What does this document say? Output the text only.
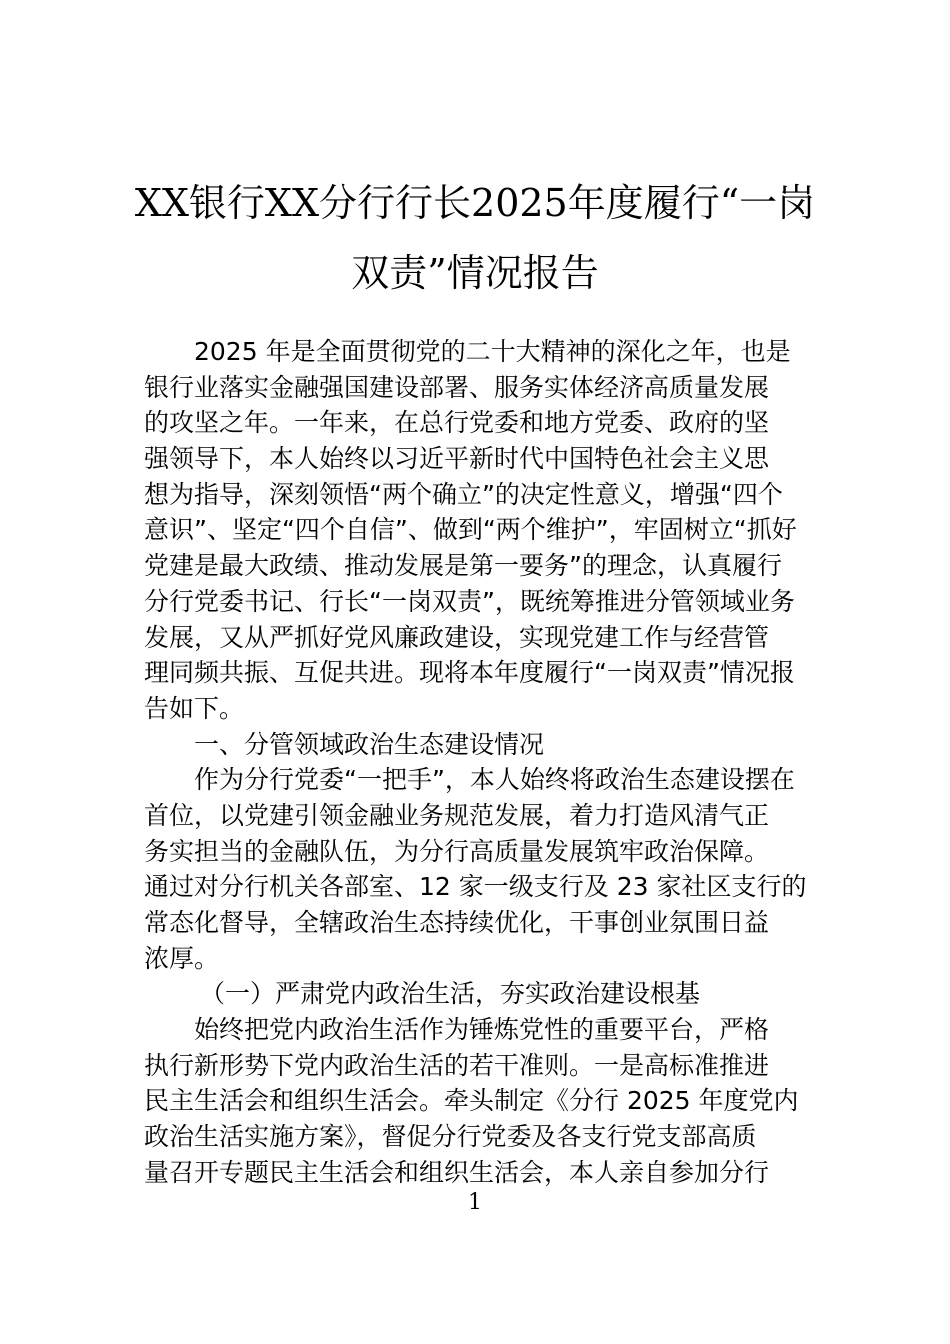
XX银行XX分行行长2025年度履行“一岗
双责”情况报告
2025 年是全面贯彻党的二十大精神的深化之年，也是
银行业落实金融强国建设部署、服务实体经济高质量发展
的攻坚之年。一年来，在总行党委和地方党委、政府的坚
强领导下，本人始终以习近平新时代中国特色社会主义思
想为指导，深刻领悟“两个确立”的决定性意义，增强“四个
意识”、坚定“四个自信”、做到“两个维护”，牢固树立“抓好
党建是最大政绩、推动发展是第一要务”的理念，认真履行
分行党委书记、行长“一岗双责”，既统筹推进分管领域业务
发展，又从严抓好党风廉政建设，实现党建工作与经营管
理同频共振、互促共进。现将本年度履行“一岗双责”情况报
告如下。
一、分管领域政治生态建设情况
作为分行党委“一把手”，本人始终将政治生态建设摆在
首位，以党建引领金融业务规范发展，着力打造风清气正
务实担当的金融队伍，为分行高质量发展筑牢政治保障。
通过对分行机关各部室、12 家一级支行及 23 家社区支行的
常态化督导，全辖政治生态持续优化，干事创业氛围日益
浓厚。
（一）严肃党内政治生活，夯实政治建设根基
始终把党内政治生活作为锤炼党性的重要平台，严格
执行新形势下党内政治生活的若干准则。一是高标准推进
民主生活会和组织生活会。牵头制定《分行 2025 年度党内
政治生活实施方案》，督促分行党委及各支行党支部高质
量召开专题民主生活会和组织生活会，本人亲自参加分行
1
